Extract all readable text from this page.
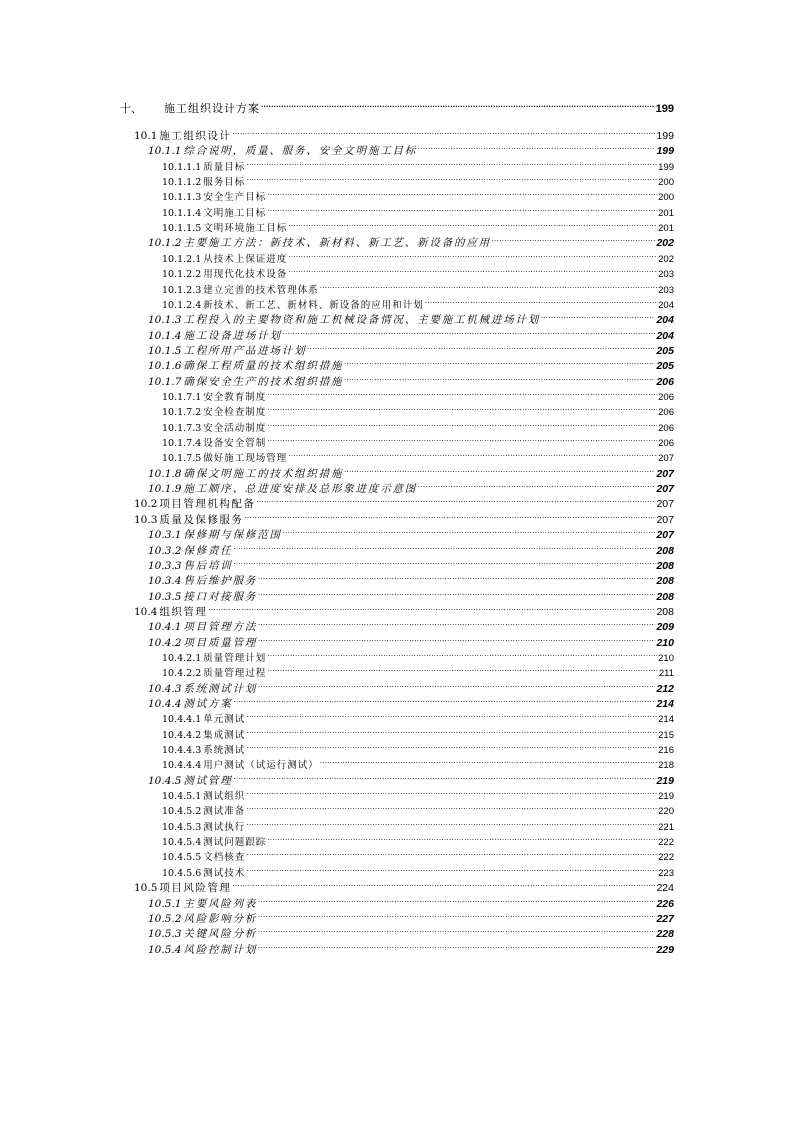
十、	施工组织设计方案 .....	199
10.1 施工组织设计 .....	199
10.1.1 综合说明，质量、服务、安全文明施工目标 .....	199
10.1.1.1 质量目标 .....	199
10.1.1.2 服务目标 .....	200
10.1.1.3 安全生产目标 .....	200
10.1.1.4 文明施工目标 .....	201
10.1.1.5 文明环境施工目标 .....	201
10.1.2 主要施工方法：新技术、新材料、新工艺、新设备的应用 .....	202
10.1.2.1 从技术上保证进度 .....	202
10.1.2.2 用现代化技术设备 .....	203
10.1.2.3 建立完善的技术管理体系 .....	203
10.1.2.4 新技术、新工艺、新材料、新设备的应用和计划 .....	204
10.1.3 工程投入的主要物资和施工机械设备情况、主要施工机械进场计划 .....	204
10.1.4 施工设备进场计划 .....	204
10.1.5 工程所用产品进场计划 .....	205
10.1.6 确保工程质量的技术组织措施 .....	205
10.1.7 确保安全生产的技术组织措施 .....	206
10.1.7.1 安全教育制度 .....	206
10.1.7.2 安全检查制度 .....	206
10.1.7.3 安全活动制度 .....	206
10.1.7.4 设备安全管制 .....	206
10.1.7.5 做好施工现场管理 .....	207
10.1.8 确保文明施工的技术组织措施 .....	207
10.1.9 施工顺序、总进度安排及总形象进度示意图 .....	207
10.2 项目管理机构配备 .....	207
10.3 质量及保修服务 .....	207
10.3.1 保修期与保修范围 .....	207
10.3.2 保修责任 .....	208
10.3.3 售后培训 .....	208
10.3.4 售后维护服务 .....	208
10.3.5 接口对接服务 .....	208
10.4 组织管理 .....	208
10.4.1 项目管理方法 .....	209
10.4.2 项目质量管理 .....	210
10.4.2.1 质量管理计划 .....	210
10.4.2.2 质量管理过程 .....	211
10.4.3 系统测试计划 .....	212
10.4.4 测试方案 .....	214
10.4.4.1 单元测试 .....	214
10.4.4.2 集成测试 .....	215
10.4.4.3 系统测试 .....	216
10.4.4.4 用户测试（试运行测试） .....	218
10.4.5 测试管理 .....	219
10.4.5.1 测试组织 .....	219
10.4.5.2 测试准备 .....	220
10.4.5.3 测试执行 .....	221
10.4.5.4 测试问题跟踪 .....	222
10.4.5.5 文档核查 .....	222
10.4.5.6 测试技术 .....	223
10.5 项目风险管理 .....	224
10.5.1 主要风险列表 .....	226
10.5.2 风险影响分析 .....	227
10.5.3 关键风险分析 .....	228
10.5.4 风险控制计划 .....	229
